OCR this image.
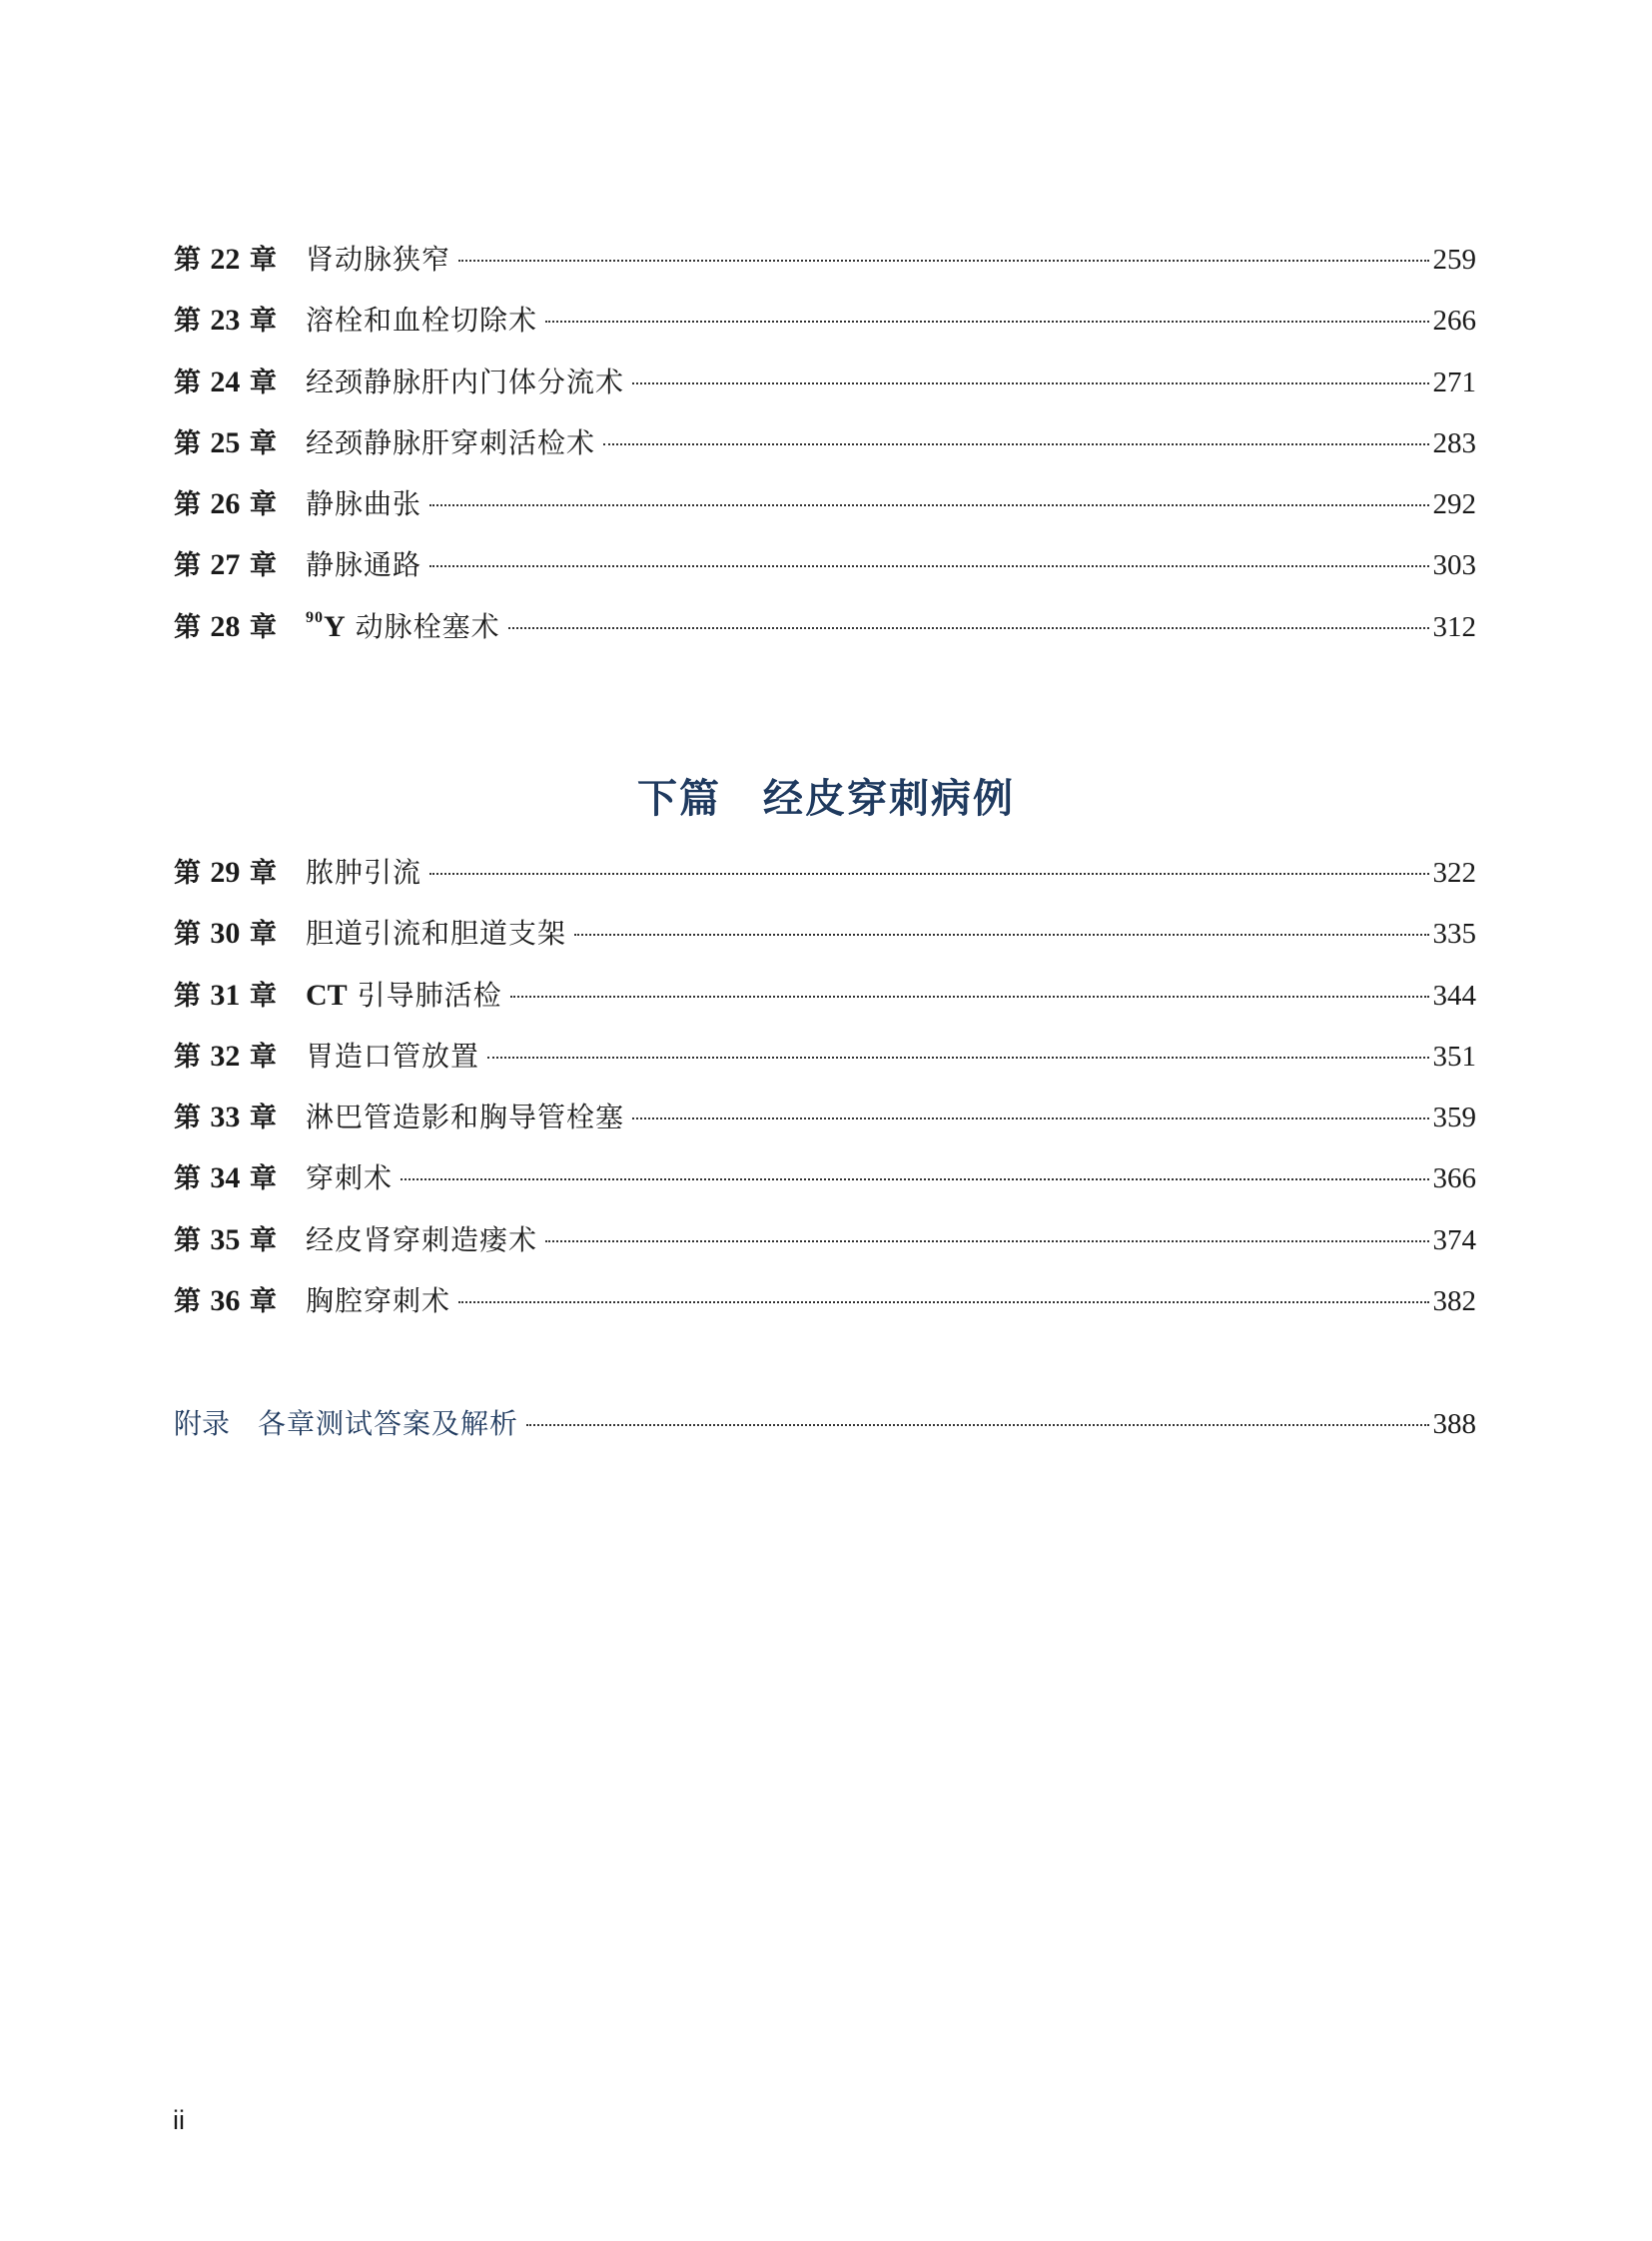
第 22 章	肾动脉狭窄	259
第 23 章	溶栓和血栓切除术	266
第 24 章	经颈静脉肝内门体分流术	271
第 25 章	经颈静脉肝穿刺活检术	283
第 26 章	静脉曲张	292
第 27 章	静脉通路	303
第 28 章	$^{90}$Y 动脉栓塞术	312
下篇　经皮穿刺病例
第 29 章	脓肿引流	322
第 30 章	胆道引流和胆道支架	335
第 31 章 CT 引导肺活检	344
第 32 章	胃造口管放置	351
第 33 章	淋巴管造影和胸导管栓塞	359
第 34 章	穿刺术	366
第 35 章	经皮肾穿刺造瘘术	374
第 36 章	胸腔穿刺术	382
附录 各章测试答案及解析	388
ii
